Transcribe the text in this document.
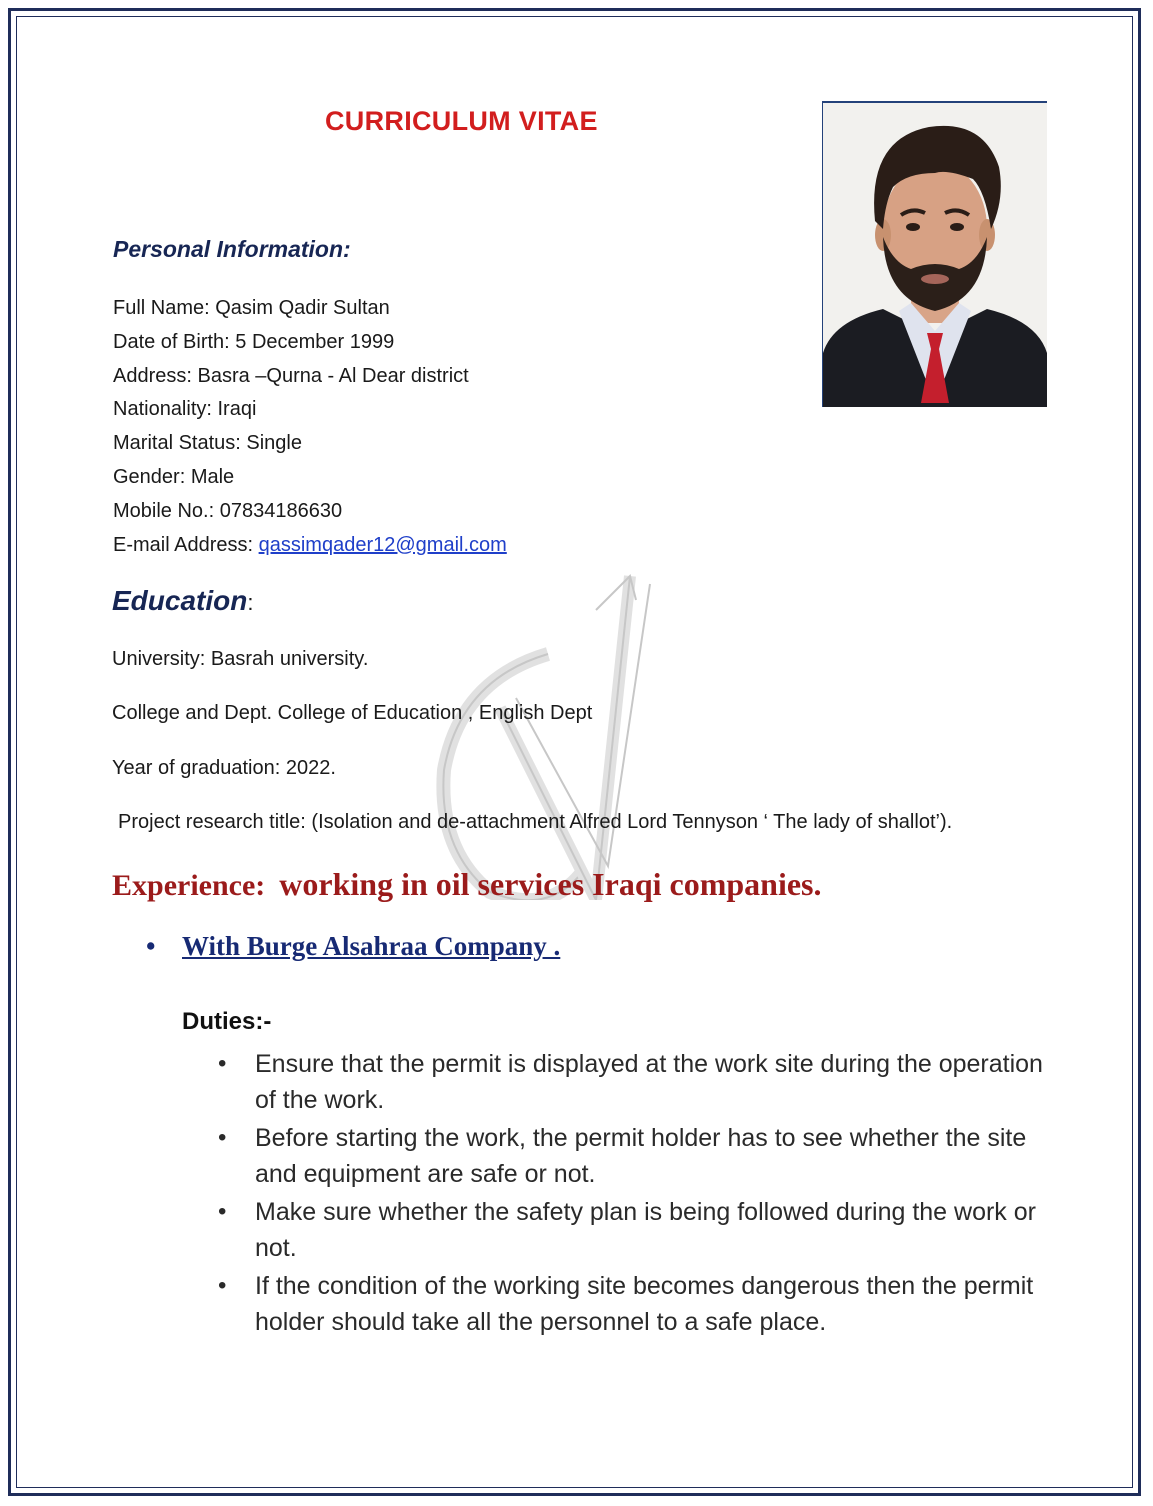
CURRICULUM VITAE
Personal Information:
Full Name: Qasim Qadir Sultan
Date of Birth: 5 December 1999
Address: Basra –Qurna - Al Dear district
Nationality: Iraqi
Marital Status: Single
Gender: Male
Mobile No.: 07834186630
E-mail Address: qassimqader12@gmail.com
Education:
University: Basrah university.
College and Dept. College of Education , English Dept
Year of graduation: 2022.
Project research title: (Isolation and de-attachment Alfred Lord Tennyson ‘ The lady of shallot’).
Experience: working in oil services Iraqi companies.
• With Burge Alsahraa Company .
Duties:-
• Ensure that the permit is displayed at the work site during the operation of the work.
• Before starting the work, the permit holder has to see whether the site and equipment are safe or not.
• Make sure whether the safety plan is being followed during the work or not.
• If the condition of the working site becomes dangerous then the permit holder should take all the personnel to a safe place.
